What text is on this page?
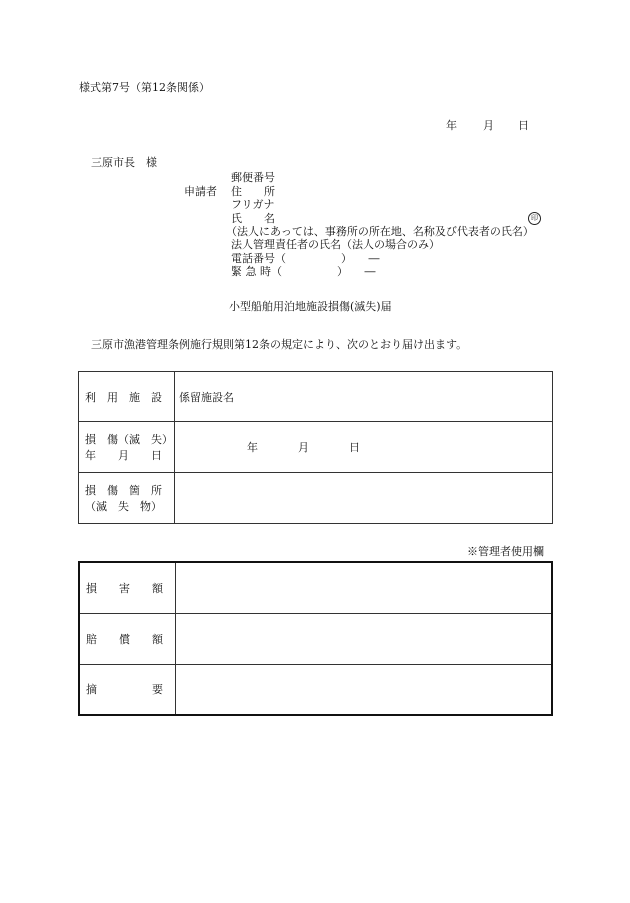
様式第7号（第12条関係）
年 月 日
三原市長　様
申請者
郵便番号
住　　所
フリガナ
氏　　名	印
（法人にあっては、事務所の所在地、名称及び代表者の氏名）
法人管理責任者の氏名（法人の場合のみ）
電話番号（　　　　　）　　―
緊 急 時（　　　　　）　　―
小型船舶用泊地施設損傷(滅失)届
三原市漁港管理条例施行規則第12条の規定により、次のとおり届け出ます。
利　用　施　設	係留施設名

損　傷（滅　失）
年　　月　　日	年 月 日

損　傷　箇　所
（滅　失　物）	

※管理者使用欄
損　　害　　額	
賠　　償　　額	
摘　　　　　要	
